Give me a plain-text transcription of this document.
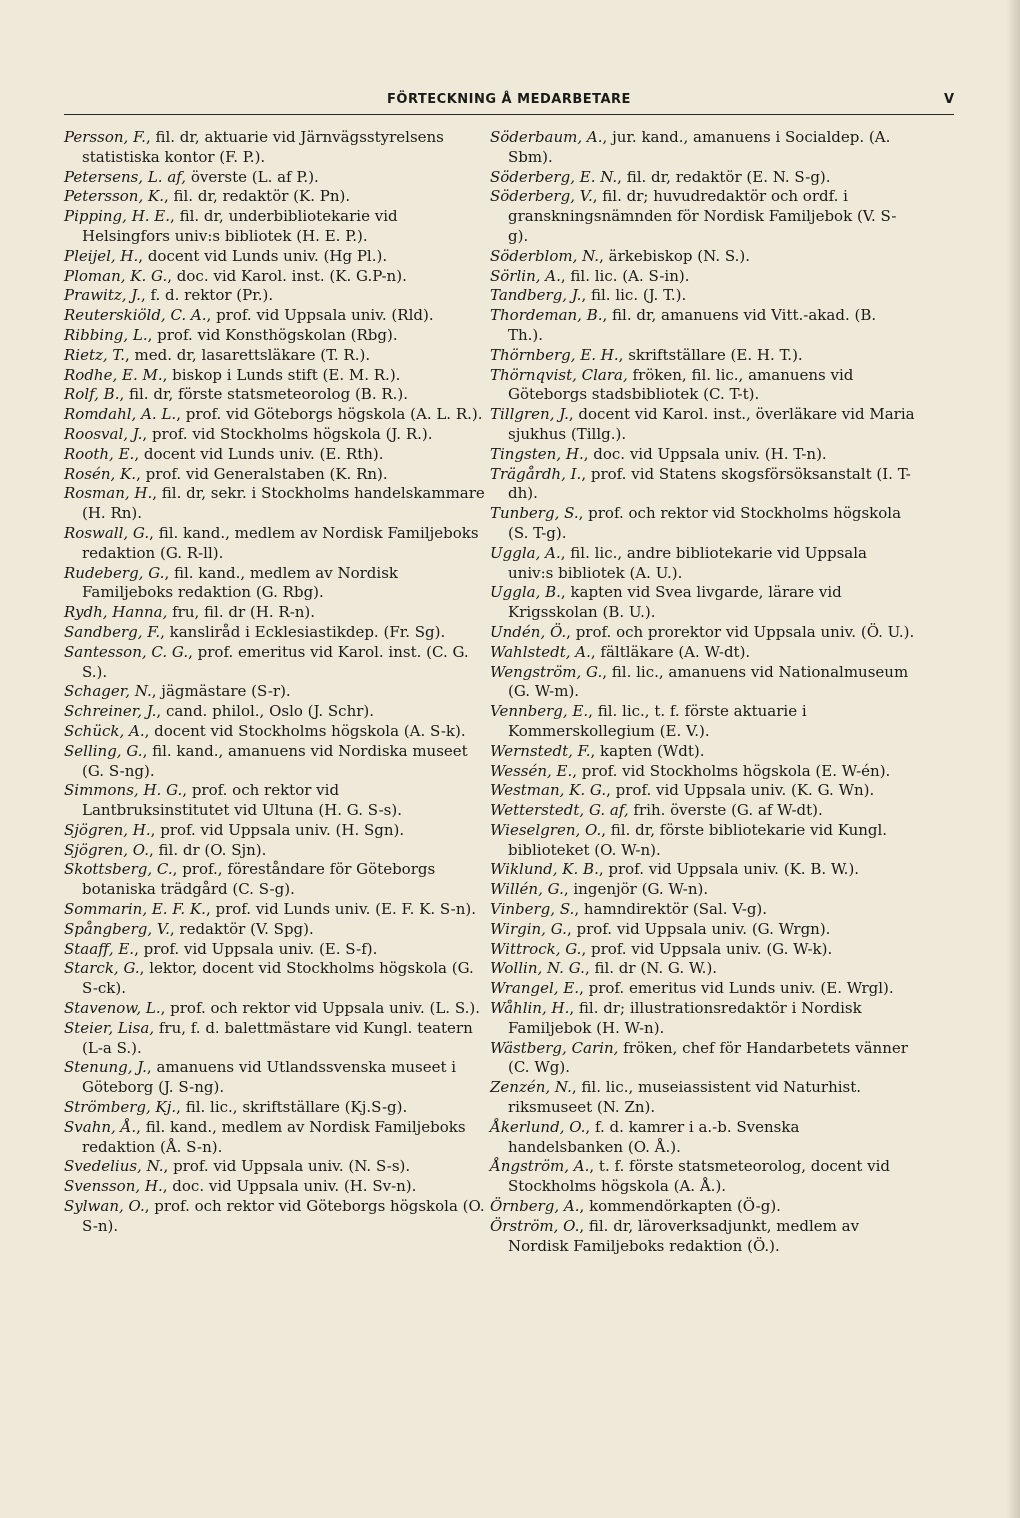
FÖRTECKNING Å MEDARBETARE	V

Persson, F., fil. dr, aktuarie vid Järnvägsstyrelsens statistiska kontor (F. P.).

Petersens, L. af, överste (L. af P.).

Petersson, K., fil. dr, redaktör (K. Pn).

Pipping, H. E., fil. dr, underbibliotekarie vid Helsingfors univ:s bibliotek (H. E. P.).

Pleijel, H., docent vid Lunds univ. (Hg Pl.).

Ploman, K. G., doc. vid Karol. inst. (K. G.P-n).

Prawitz, J., f. d. rektor (Pr.).

Reuterskiöld, C. A., prof. vid Uppsala univ. (Rld).

Ribbing, L., prof. vid Konsthögskolan (Rbg).

Rietz, T., med. dr, lasarettsläkare (T. R.).

Rodhe, E. M., biskop i Lunds stift (E. M. R.).

Rolf, B., fil. dr, förste statsmeteorolog (B. R.).

Romdahl, A. L., prof. vid Göteborgs högskola (A. L. R.).

Roosval, J., prof. vid Stockholms högskola (J. R.).

Rooth, E., docent vid Lunds univ. (E. Rth).

Rosén, K., prof. vid Generalstaben (K. Rn).

Rosman, H., fil. dr, sekr. i Stockholms handelskammare (H. Rn).

Roswall, G., fil. kand., medlem av Nordisk Familjeboks redaktion (G. R-ll).

Rudeberg, G., fil. kand., medlem av Nordisk Familjeboks redaktion (G. Rbg).

Rydh, Hanna, fru, fil. dr (H. R-n).

Sandberg, F., kansliråd i Ecklesiastikdep. (Fr. Sg).

Santesson, C. G., prof. emeritus vid Karol. inst. (C. G. S.).

Schager, N., jägmästare (S-r).

Schreiner, J., cand. philol., Oslo (J. Schr).

Schück, A., docent vid Stockholms högskola (A. S-k).

Selling, G., fil. kand., amanuens vid Nordiska museet (G. S-ng).

Simmons, H. G., prof. och rektor vid Lantbruksinstitutet vid Ultuna (H. G. S-s).

Sjögren, H., prof. vid Uppsala univ. (H. Sgn).

Sjögren, O., fil. dr (O. Sjn).

Skottsberg, C., prof., föreståndare för Göteborgs botaniska trädgård (C. S-g).

Sommarin, E. F. K., prof. vid Lunds univ. (E. F. K. S-n).

Spångberg, V., redaktör (V. Spg).

Staaff, E., prof. vid Uppsala univ. (E. S-f).

Starck, G., lektor, docent vid Stockholms högskola (G. S-ck).

Stavenow, L., prof. och rektor vid Uppsala univ. (L. S.).

Steier, Lisa, fru, f. d. balettmästare vid Kungl. teatern (L-a S.).

Stenung, J., amanuens vid Utlandssvenska museet i Göteborg (J. S-ng).

Strömberg, Kj., fil. lic., skriftställare (Kj.S-g).

Svahn, Å., fil. kand., medlem av Nordisk Familjeboks redaktion (Å. S-n).

Svedelius, N., prof. vid Uppsala univ. (N. S-s).

Svensson, H., doc. vid Uppsala univ. (H. Sv-n).

Sylwan, O., prof. och rektor vid Göteborgs högskola (O. S-n).

Söderbaum, A., jur. kand., amanuens i Socialdep. (A. Sbm).

Söderberg, E. N., fil. dr, redaktör (E. N. S-g).

Söderberg, V., fil. dr; huvudredaktör och ordf. i granskningsnämnden för Nordisk Familjebok (V. S-g).

Söderblom, N., ärkebiskop (N. S.).

Sörlin, A., fil. lic. (A. S-in).

Tandberg, J., fil. lic. (J. T.).

Thordeman, B., fil. dr, amanuens vid Vitt.-akad. (B. Th.).

Thörnberg, E. H., skriftställare (E. H. T.).

Thörnqvist, Clara, fröken, fil. lic., amanuens vid Göteborgs stadsbibliotek (C. T-t).

Tillgren, J., docent vid Karol. inst., överläkare vid Maria sjukhus (Tillg.).

Tingsten, H., doc. vid Uppsala univ. (H. T-n).

Trägårdh, I., prof. vid Statens skogsförsöksanstalt (I. T-dh).

Tunberg, S., prof. och rektor vid Stockholms högskola (S. T-g).

Uggla, A., fil. lic., andre bibliotekarie vid Uppsala univ:s bibliotek (A. U.).

Uggla, B., kapten vid Svea livgarde, lärare vid Krigsskolan (B. U.).

Undén, Ö., prof. och prorektor vid Uppsala univ. (Ö. U.).

Wahlstedt, A., fältläkare (A. W-dt).

Wengström, G., fil. lic., amanuens vid Nationalmuseum (G. W-m).

Vennberg, E., fil. lic., t. f. förste aktuarie i Kommerskollegium (E. V.).

Wernstedt, F., kapten (Wdt).

Wessén, E., prof. vid Stockholms högskola (E. W-én).

Westman, K. G., prof. vid Uppsala univ. (K. G. Wn).

Wetterstedt, G. af, frih. överste (G. af W-dt).

Wieselgren, O., fil. dr, förste bibliotekarie vid Kungl. biblioteket (O. W-n).

Wiklund, K. B., prof. vid Uppsala univ. (K. B. W.).

Willén, G., ingenjör (G. W-n).

Vinberg, S., hamndirektör (Sal. V-g).

Wirgin, G., prof. vid Uppsala univ. (G. Wrgn).

Wittrock, G., prof. vid Uppsala univ. (G. W-k).

Wollin, N. G., fil. dr (N. G. W.).

Wrangel, E., prof. emeritus vid Lunds univ. (E. Wrgl).

Wåhlin, H., fil. dr; illustrationsredaktör i Nordisk Familjebok (H. W-n).

Wästberg, Carin, fröken, chef för Handarbetets vänner (C. Wg).

Zenzén, N., fil. lic., museiassistent vid Naturhist. riksmuseet (N. Zn).

Åkerlund, O., f. d. kamrer i a.-b. Svenska handelsbanken (O. Å.).

Ångström, A., t. f. förste statsmeteorolog, docent vid Stockholms högskola (A. Å.).

Örnberg, A., kommendörkapten (Ö-g).

Örström, O., fil. dr, läroverksadjunkt, medlem av Nordisk Familjeboks redaktion (Ö.).
